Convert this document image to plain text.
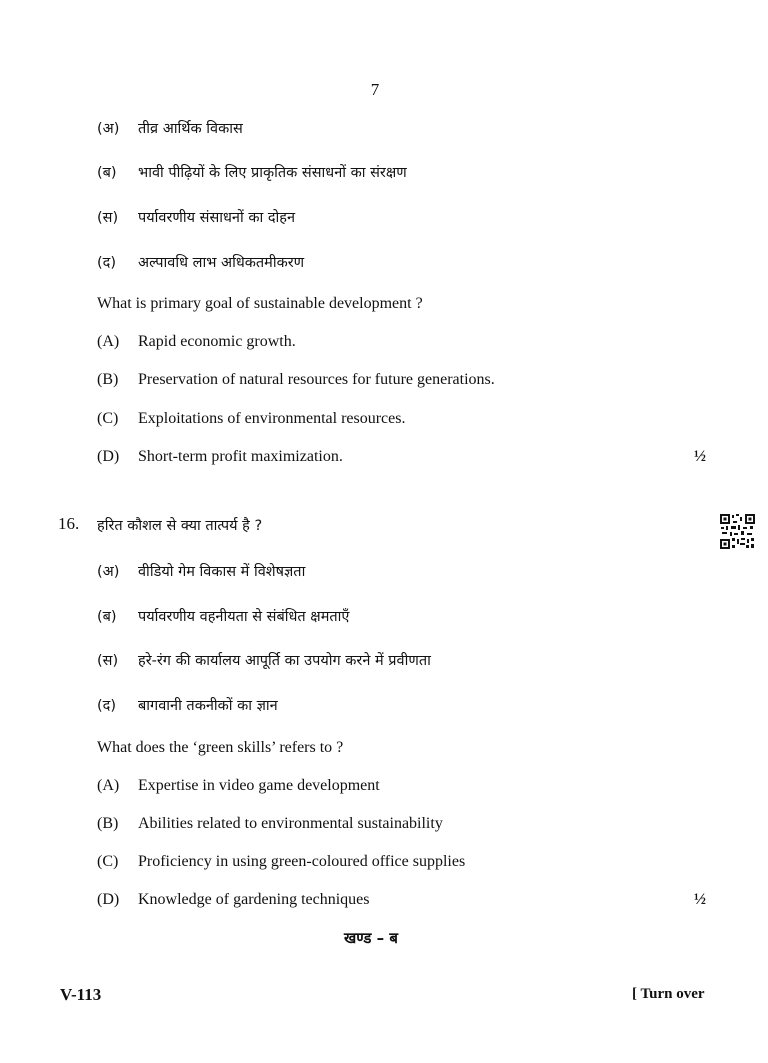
7
(अ) तीव्र आर्थिक विकास
(ब) भावी पीढ़ियों के लिए प्राकृतिक संसाधनों का संरक्षण
(स) पर्यावरणीय संसाधनों का दोहन
(द) अल्पावधि लाभ अधिकतमीकरण
What is primary goal of sustainable development ?
(A) Rapid economic growth.
(B) Preservation of natural resources for future generations.
(C) Exploitations of environmental resources.
(D) Short-term profit maximization.	½
16. हरित कौशल से क्या तात्पर्य है ?
(अ) वीडियो गेम विकास में विशेषज्ञता
(ब) पर्यावरणीय वहनीयता से संबंधित क्षमताएँ
(स) हरे-रंग की कार्यालय आपूर्ति का उपयोग करने में प्रवीणता
(द) बागवानी तकनीकों का ज्ञान
What does the ‘green skills’ refers to ?
(A) Expertise in video game development
(B) Abilities related to environmental sustainability
(C) Proficiency in using green-coloured office supplies
(D) Knowledge of gardening techniques	½
खण्ड – ब
V-113	[ Turn over
